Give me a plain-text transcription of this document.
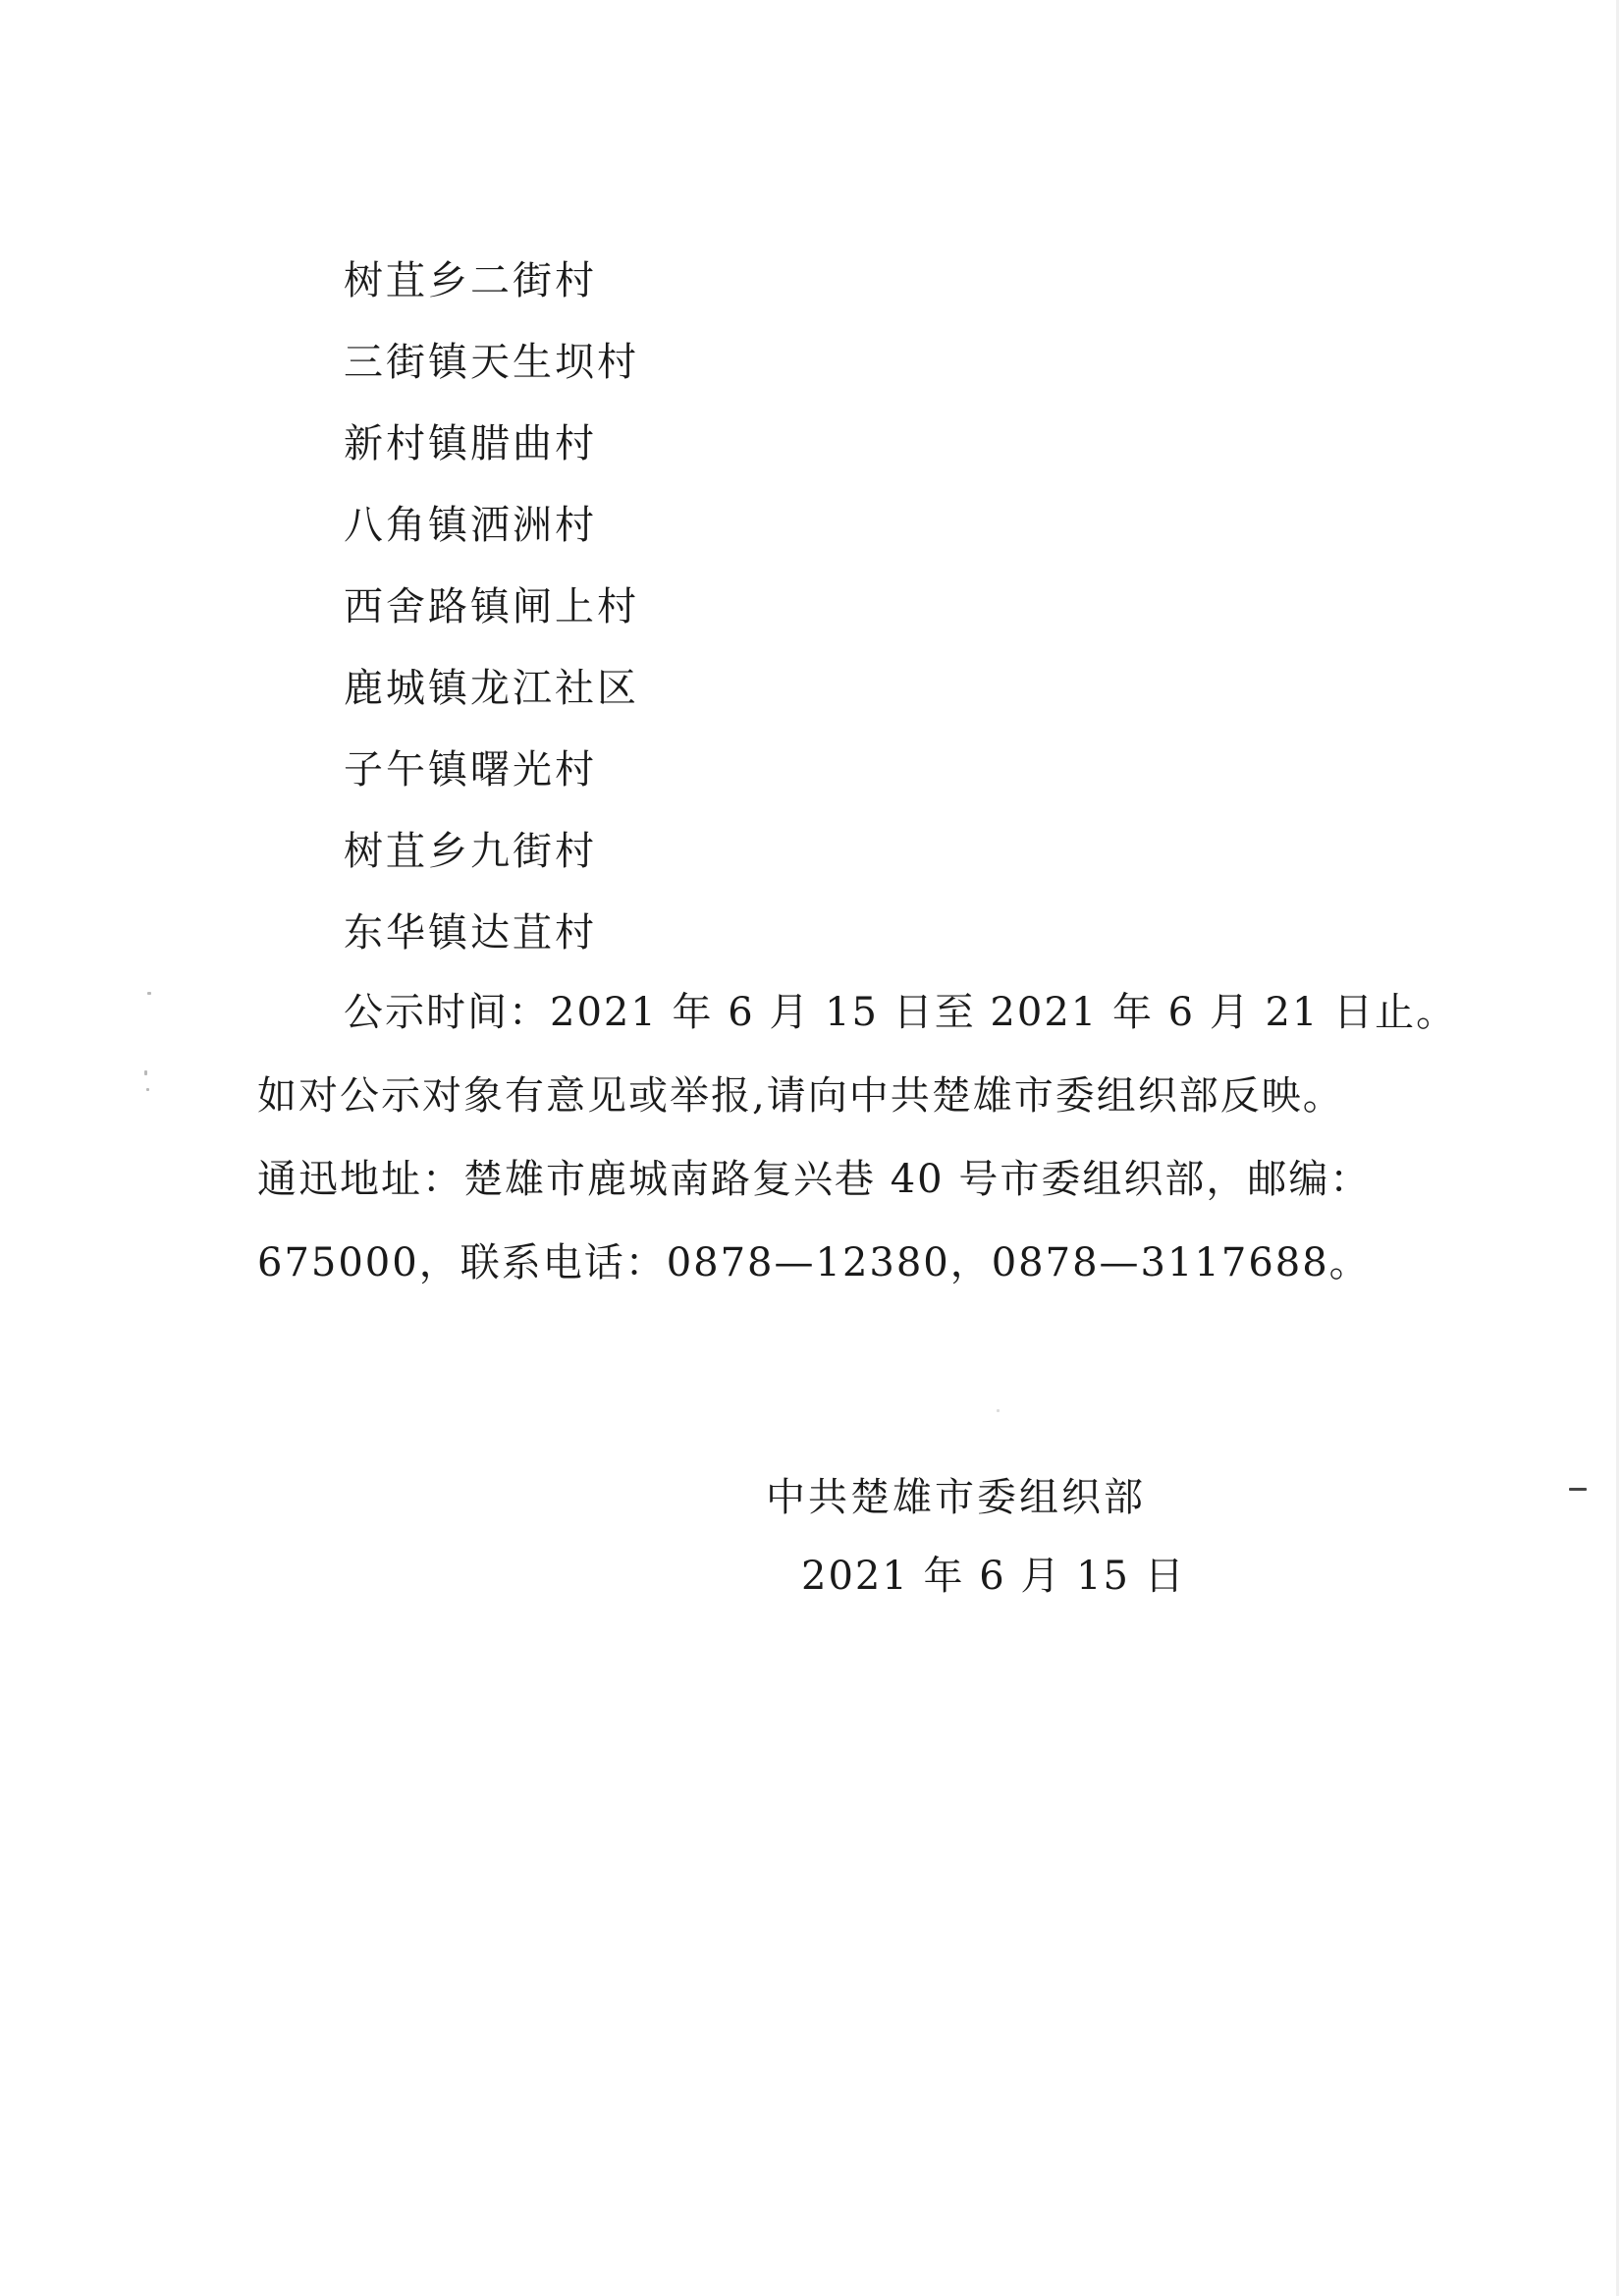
树苴乡二街村
三街镇天生坝村
新村镇腊曲村
八角镇洒洲村
西舍路镇闸上村
鹿城镇龙江社区
子午镇曙光村
树苴乡九街村
东华镇达苴村

公示时间：2021 年 6 月 15 日至 2021 年 6 月 21 日止。

如对公示对象有意见或举报,请向中共楚雄市委组织部反映。

通迅地址：楚雄市鹿城南路复兴巷 40 号市委组织部，邮编：

675000，联系电话：0878—12380，0878—3117688。

中共楚雄市委组织部
2021 年 6 月 15 日
